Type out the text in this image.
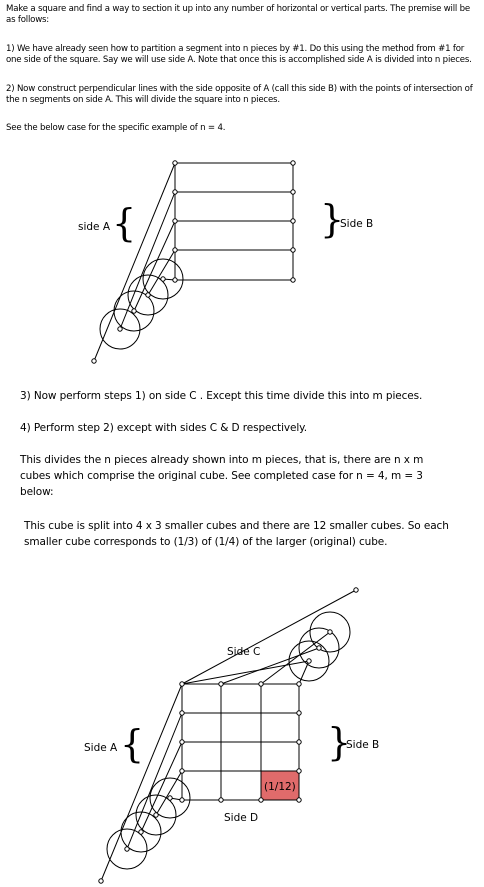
Make a square and find a way to section it up into any number of horizontal or vertical parts. The premise will be as follows:

1) We have already seen how to partition a segment into n pieces by #1. Do this using the method from #1 for one side of the square. Say we will use side A. Note that once this is accomplished side A is divided into n pieces.

2) Now construct perpendicular lines with the side opposite of A (call this side B) with the points of intersection of the n segments on side A. This will divide the square into n pieces.

See the below case for the specific example of n = 4.

{
side A	}
Side B
(1/12)
Side C
Side D
{
Side A	}
Side B

3) Now perform steps 1) on side C . Except this time divide this into m pieces.

4) Perform step 2) except with sides C & D respectively.

This divides the n pieces already shown into m pieces, that is, there are n x m cubes which comprise the original cube. See completed case for n = 4, m = 3 below:

This cube is split into 4 x 3 smaller cubes and there are 12 smaller cubes. So each smaller cube corresponds to (1/3) of (1/4) of the larger (original) cube.
